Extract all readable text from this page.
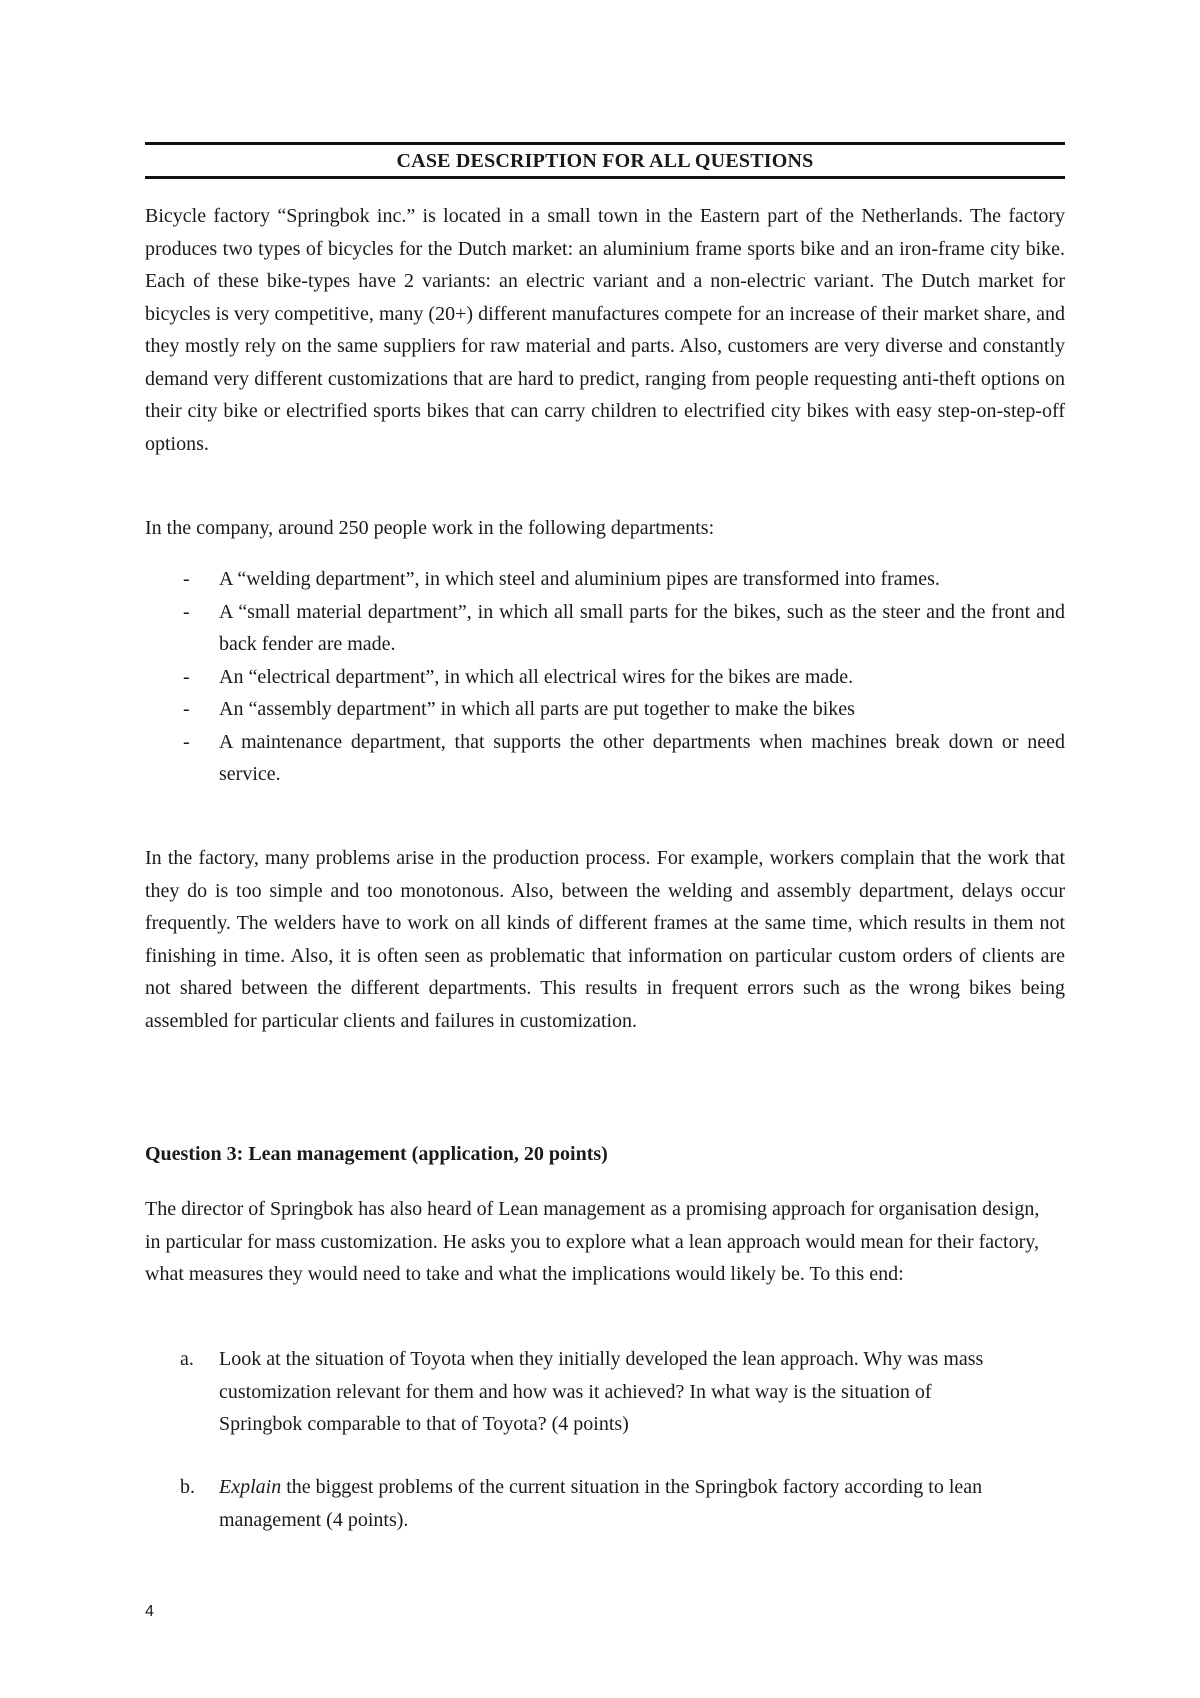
CASE DESCRIPTION FOR ALL QUESTIONS

Bicycle factory “Springbok inc.” is located in a small town in the Eastern part of the Netherlands. The factory produces two types of bicycles for the Dutch market: an aluminium frame sports bike and an iron-frame city bike. Each of these bike-types have 2 variants: an electric variant and a non-electric variant. The Dutch market for bicycles is very competitive, many (20+) different manufactures compete for an increase of their market share, and they mostly rely on the same suppliers for raw material and parts. Also, customers are very diverse and constantly demand very different customizations that are hard to predict, ranging from people requesting anti-theft options on their city bike or electrified sports bikes that can carry children to electrified city bikes with easy step-on-step-off options.

In the company, around 250 people work in the following departments:

- A “welding department”, in which steel and aluminium pipes are transformed into frames.
- A “small material department”, in which all small parts for the bikes, such as the steer and the front and back fender are made.
- An “electrical department”, in which all electrical wires for the bikes are made.
- An “assembly department” in which all parts are put together to make the bikes
- A maintenance department, that supports the other departments when machines break down or need service.

In the factory, many problems arise in the production process. For example, workers complain that the work that they do is too simple and too monotonous. Also, between the welding and assembly department, delays occur frequently. The welders have to work on all kinds of different frames at the same time, which results in them not finishing in time. Also, it is often seen as problematic that information on particular custom orders of clients are not shared between the different departments. This results in frequent errors such as the wrong bikes being assembled for particular clients and failures in customization.

Question 3: Lean management (application, 20 points)

The director of Springbok has also heard of Lean management as a promising approach for organisation design, in particular for mass customization. He asks you to explore what a lean approach would mean for their factory, what measures they would need to take and what the implications would likely be. To this end:

a. Look at the situation of Toyota when they initially developed the lean approach. Why was mass customization relevant for them and how was it achieved? In what way is the situation of Springbok comparable to that of Toyota? (4 points)
b. Explain the biggest problems of the current situation in the Springbok factory according to lean management (4 points).
4
